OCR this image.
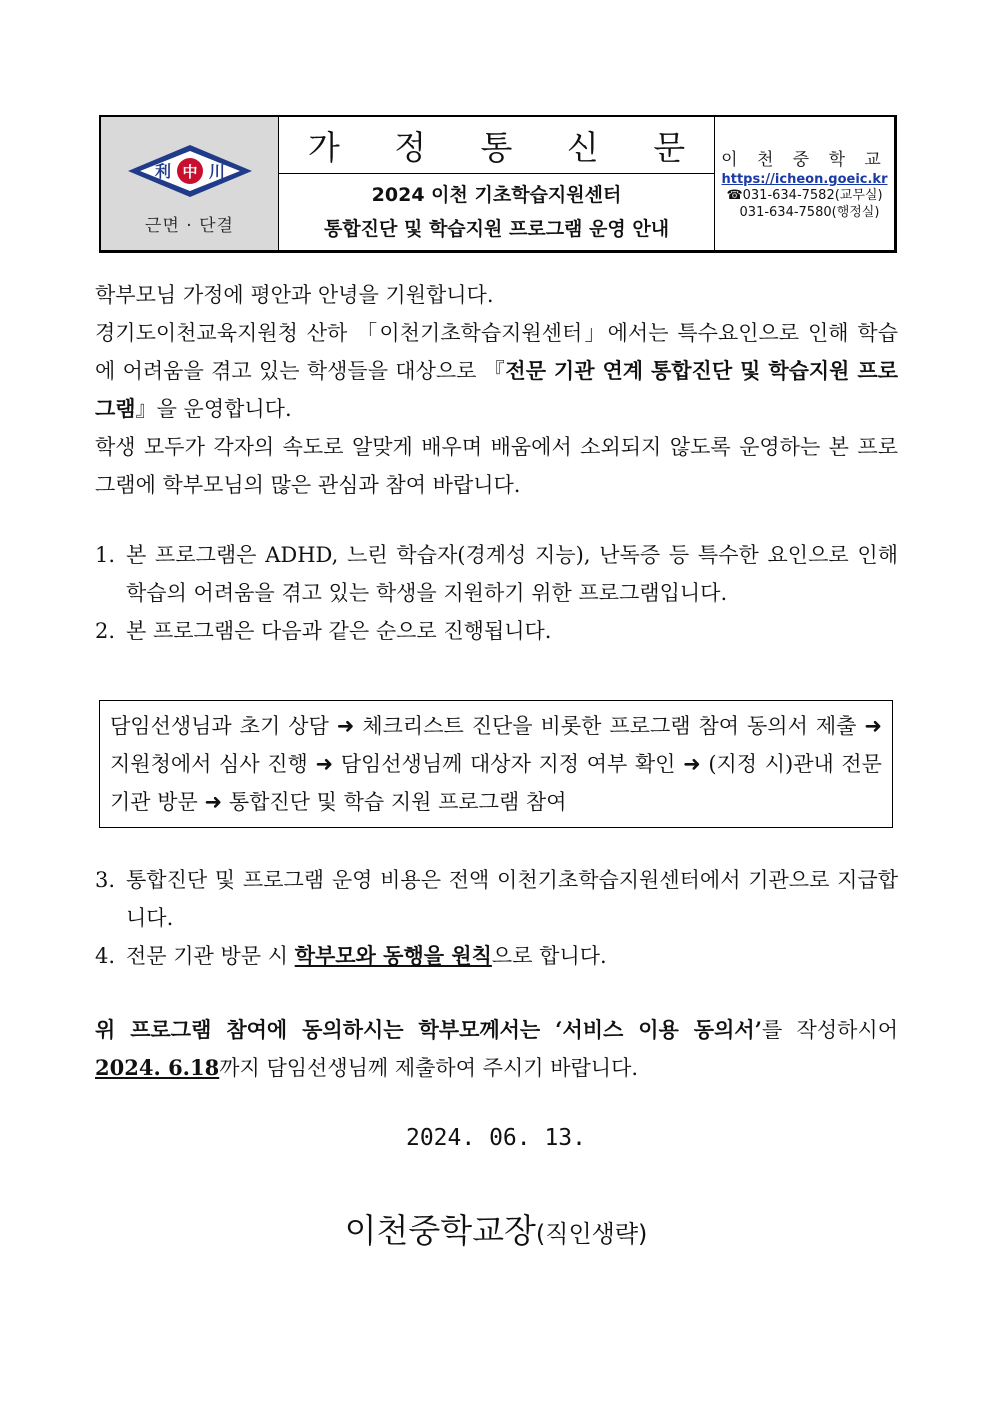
利 中 川
근면 · 단결
가 정 통 신 문
2024 이천 기초학습지원센터
통합진단 및 학습지원 프로그램 운영 안내
이 천 중 학 교
https://icheon.goeic.kr
☎031-634-7582(교무실)
031-634-7580(행정실)

학부모님 가정에 평안과 안녕을 기원합니다.

경기도이천교육지원청 산하 「이천기초학습지원센터」에서는 특수요인으로 인해 학습에 어려움을 겪고 있는 학생들을 대상으로 『전문 기관 연계 통합진단 및 학습지원 프로그램』을 운영합니다.

학생 모두가 각자의 속도로 알맞게 배우며 배움에서 소외되지 않도록 운영하는 본 프로그램에 학부모님의 많은 관심과 참여 바랍니다.

1. 본 프로그램은 ADHD, 느린 학습자(경계성 지능), 난독증 등 특수한 요인으로 인해 학습의 어려움을 겪고 있는 학생을 지원하기 위한 프로그램입니다.

2. 본 프로그램은 다음과 같은 순으로 진행됩니다.

담임선생님과 초기 상담 ➜ 체크리스트 진단을 비롯한 프로그램 참여 동의서 제출 ➜ 지원청에서 심사 진행 ➜ 담임선생님께 대상자 지정 여부 확인 ➜ (지정 시)관내 전문 기관 방문 ➜ 통합진단 및 학습 지원 프로그램 참여

3. 통합진단 및 프로그램 운영 비용은 전액 이천기초학습지원센터에서 기관으로 지급합니다.

4. 전문 기관 방문 시 학부모와 동행을 원칙으로 합니다.

위 프로그램 참여에 동의하시는 학부모께서는 ‘서비스 이용 동의서’를 작성하시어 2024. 6.18까지 담임선생님께 제출하여 주시기 바랍니다.

2024. 06. 13.
이천중학교장(직인생략)
